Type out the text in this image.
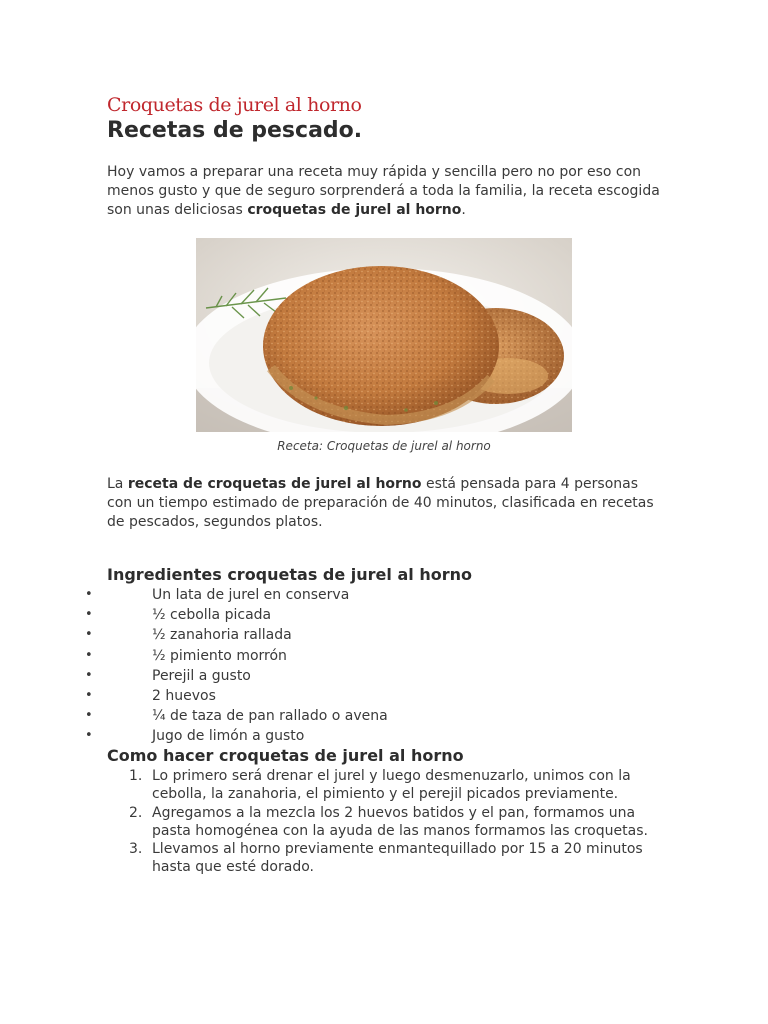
Croquetas de jurel al horno
Recetas de pescado.

Hoy vamos a preparar una receta muy rápida y sencilla pero no por eso con menos gusto y que de seguro sorprenderá a toda la familia, la receta escogida son unas deliciosas croquetas de jurel al horno.

Receta: Croquetas de jurel al horno

La receta de croquetas de jurel al horno está pensada para 4 personas con un tiempo estimado de preparación de 40 minutos, clasificada en recetas de pescados, segundos platos.

Ingredientes croquetas de jurel al horno
•	Un lata de jurel en conserva
•	½ cebolla picada
•	½ zanahoria rallada
•	½ pimiento morrón
•	Perejil a gusto
•	2 huevos
•	¼ de taza de pan rallado o avena
•	Jugo de limón a gusto
Como hacer croquetas de jurel al horno
1. Lo primero será drenar el jurel y luego desmenuzarlo, unimos con la cebolla, la zanahoria, el pimiento y el perejil picados previamente.
2. Agregamos a la mezcla los 2 huevos batidos y el pan, formamos una pasta homogénea con la ayuda de las manos formamos las croquetas.
3. Llevamos al horno previamente enmantequillado por 15 a 20 minutos hasta que esté dorado.
